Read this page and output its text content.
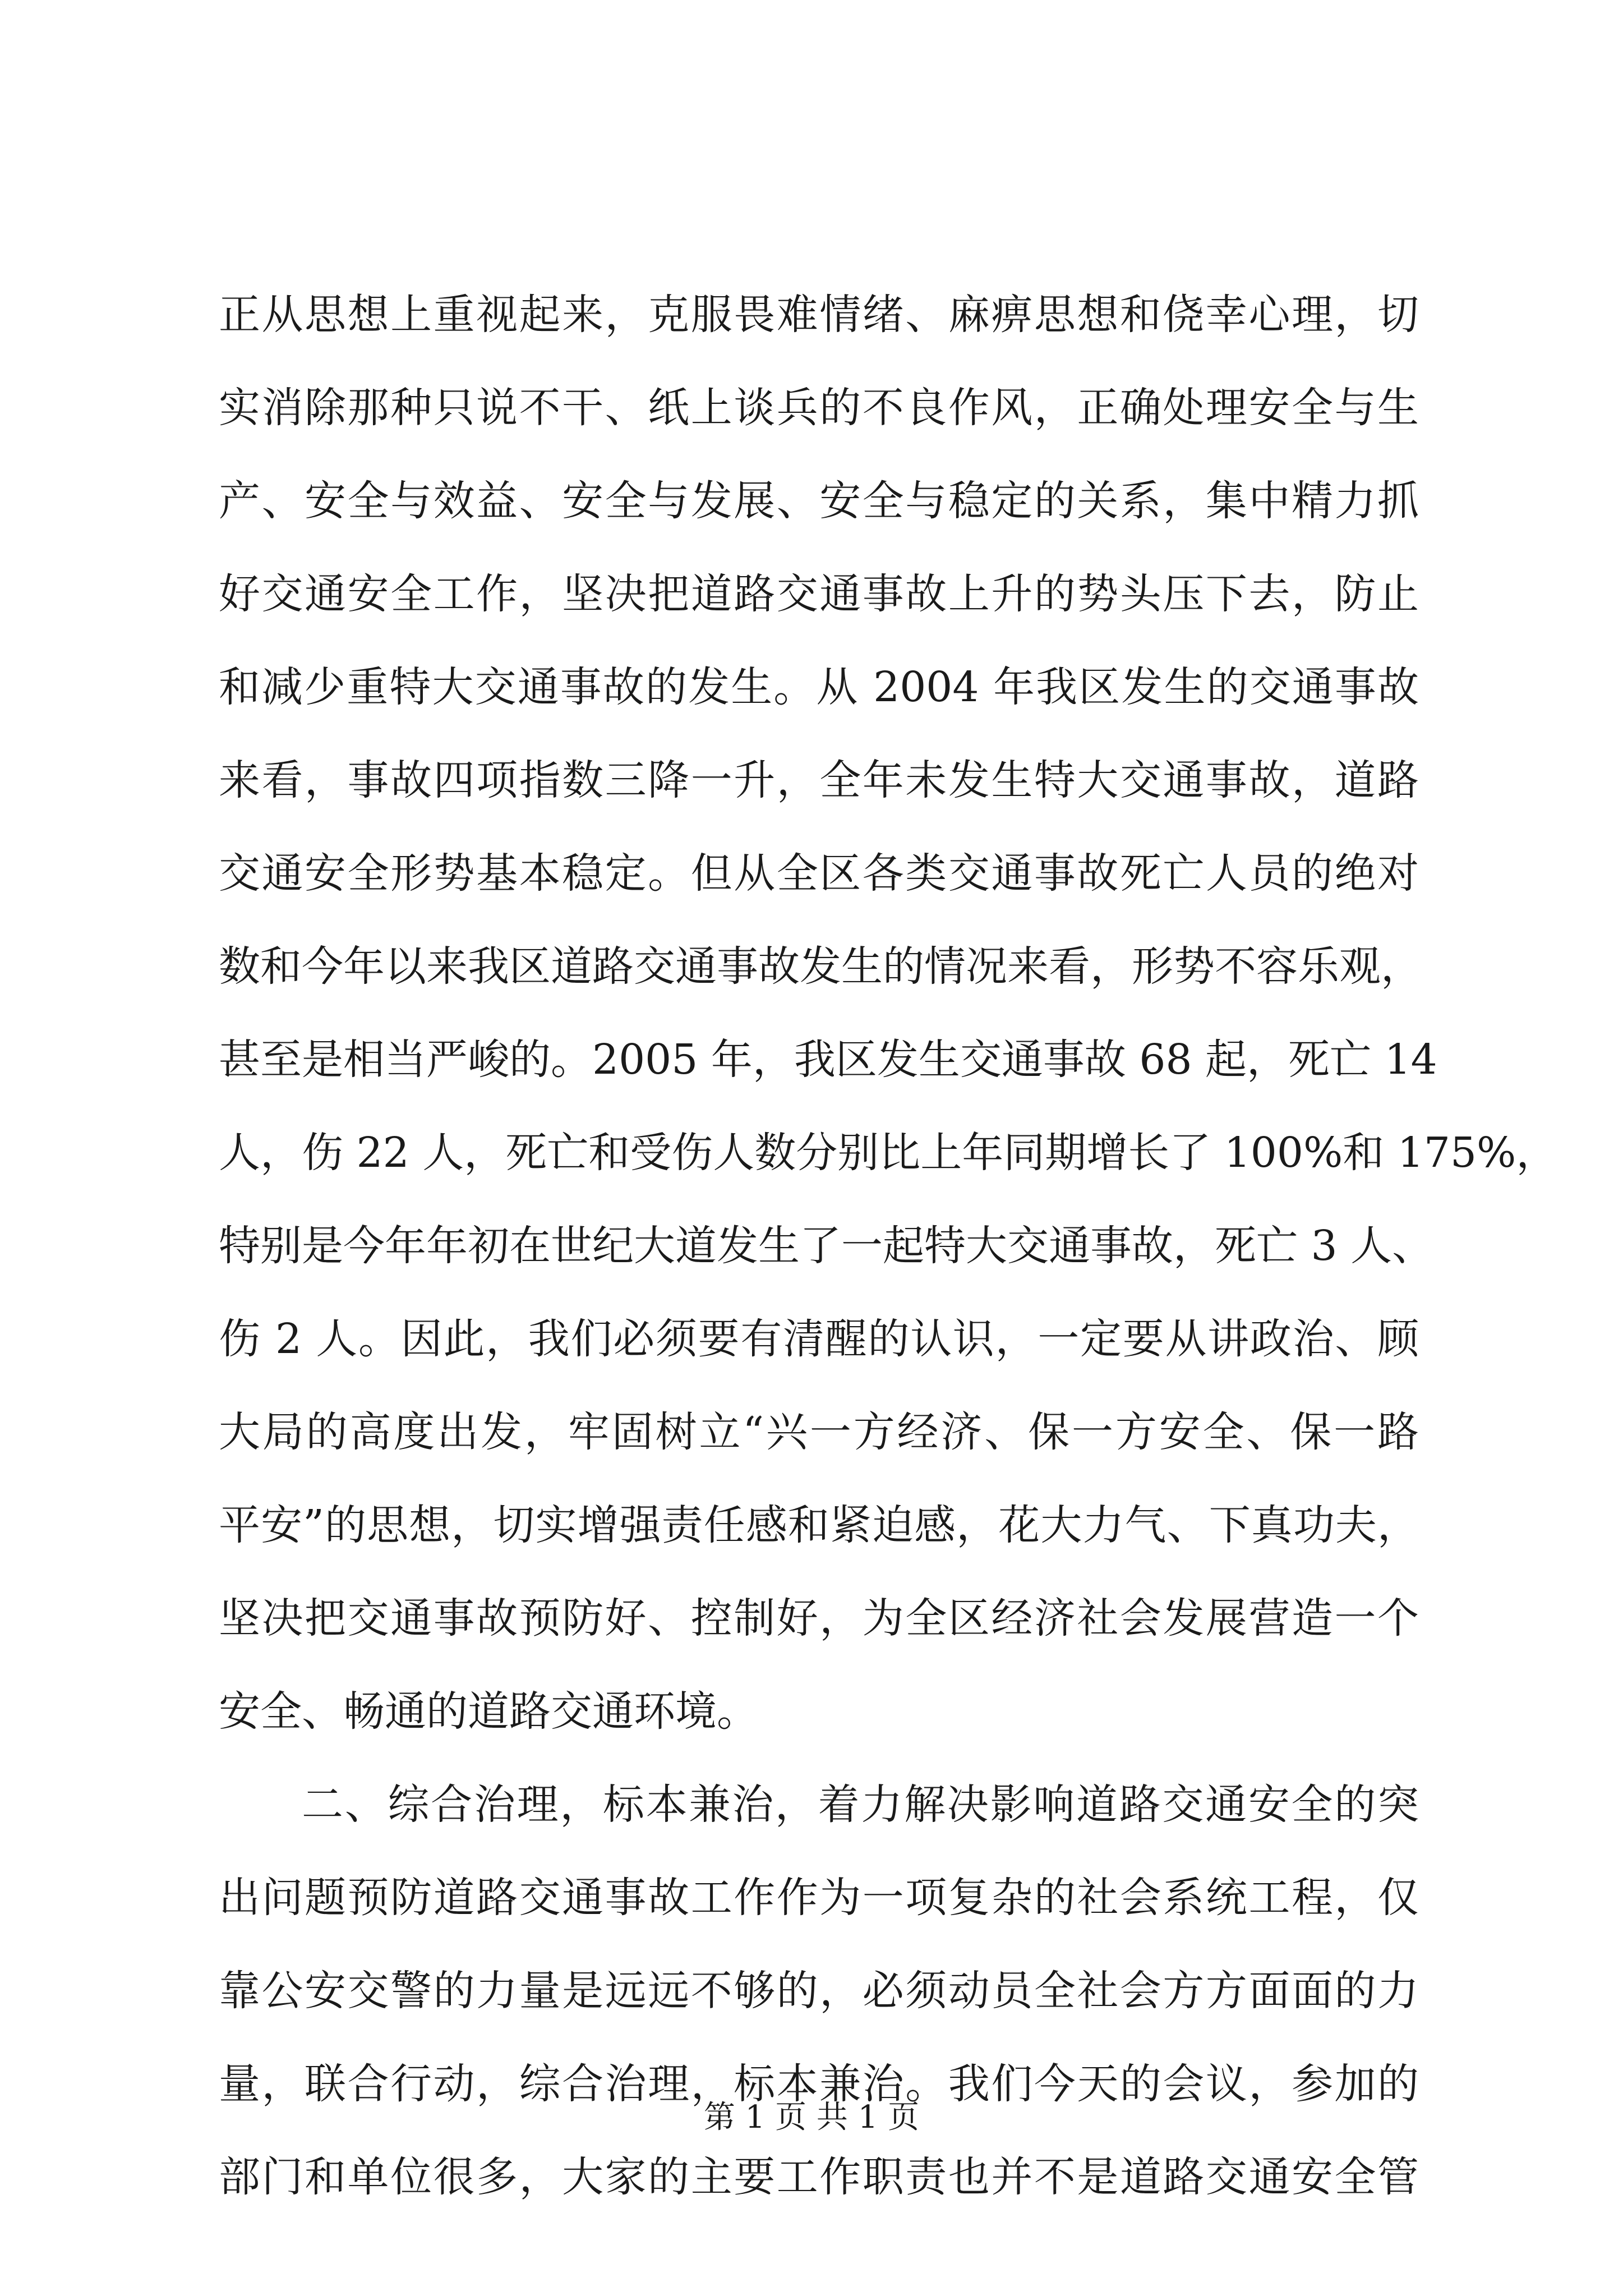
正从思想上重视起来，克服畏难情绪、麻痹思想和侥幸心理，切
实消除那种只说不干、纸上谈兵的不良作风，正确处理安全与生
产、安全与效益、安全与发展、安全与稳定的关系，集中精力抓
好交通安全工作，坚决把道路交通事故上升的势头压下去，防止
和减少重特大交通事故的发生。从 2004 年我区发生的交通事故
来看，事故四项指数三降一升，全年未发生特大交通事故，道路
交通安全形势基本稳定。但从全区各类交通事故死亡人员的绝对
数和今年以来我区道路交通事故发生的情况来看，形势不容乐观，
甚至是相当严峻的。2005 年，我区发生交通事故 68 起，死亡 14
人，伤 22 人，死亡和受伤人数分别比上年同期增长了 100%和 175%，
特别是今年年初在世纪大道发生了一起特大交通事故，死亡 3 人、
伤 2 人。因此，我们必须要有清醒的认识，一定要从讲政治、顾
大局的高度出发，牢固树立“兴一方经济、保一方安全、保一路
平安”的思想，切实增强责任感和紧迫感，花大力气、下真功夫，
坚决把交通事故预防好、控制好，为全区经济社会发展营造一个
安全、畅通的道路交通环境。
二、综合治理，标本兼治，着力解决影响道路交通安全的突
出问题预防道路交通事故工作作为一项复杂的社会系统工程，仅
靠公安交警的力量是远远不够的，必须动员全社会方方面面的力
量，联合行动，综合治理，标本兼治。我们今天的会议，参加的
部门和单位很多，大家的主要工作职责也并不是道路交通安全管
第 1 页 共 1 页
